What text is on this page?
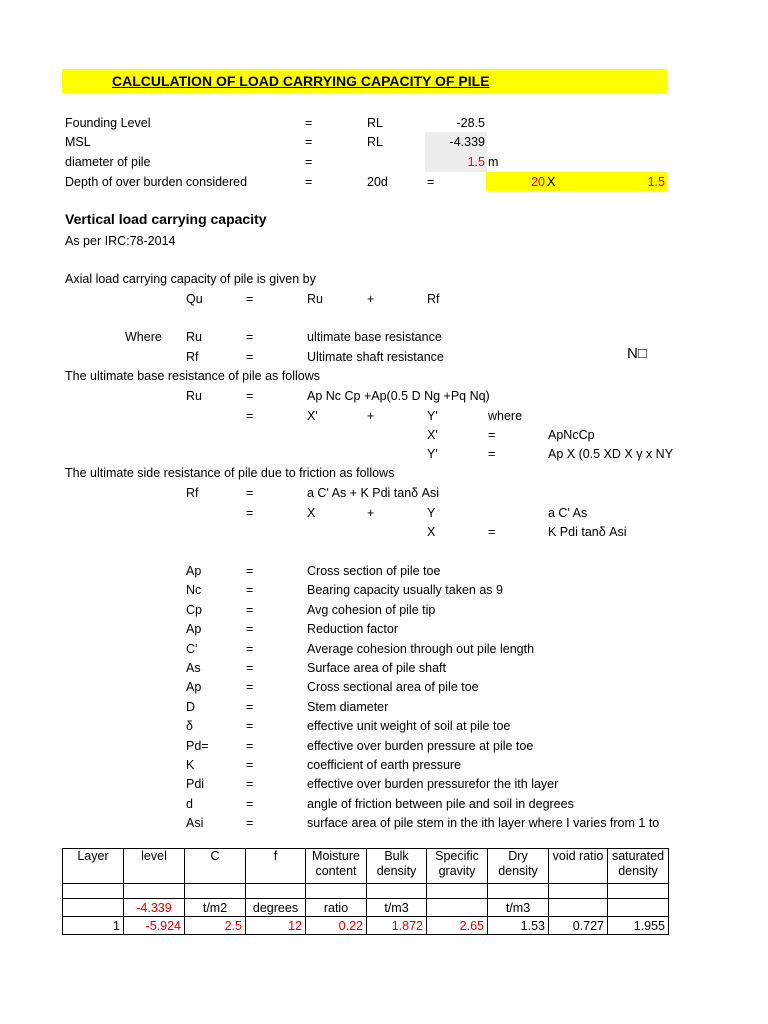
CALCULATION OF LOAD CARRYING CAPACITY OF PILE
Founding Level	=	RL	-28.5
MSL	=	RL	-4.339
diameter of pile	=	1.5 m
Depth of over burden considered	=	20d	=	20 X	1.5
Vertical load carrying capacity
As per IRC:78-2014
Axial load carrying capacity of pile is given by
Qu	=	Ru	+	Rf
Where Ru	=	ultimate base resistance
Rf	=	Ultimate shaft resistance	N□
The ultimate base resistance of pile as follows
Ru	=	Ap Nc Cp +Ap(0.5 D Ng +Pq Nq)
=	X'	+	Y'	where
X'	=	ApNcCp
Y'	=	Ap X (0.5 XD X γ x NY
The ultimate side resistance of pile due to friction as follows
Rf	=	a C' As + K Pdi tanδ Asi
=	X	+	Y	a C' As
X	=	K Pdi tanδ Asi
Ap	=	Cross section of pile toe
Nc	=	Bearing capacity usually taken as 9
Cp	=	Avg cohesion of pile tip
Ap	=	Reduction factor
C'	=	Average cohesion through out pile length
As	=	Surface area of pile shaft
Ap	=	Cross sectional area of pile toe
D	=	Stem diameter
δ	=	effective unit weight of soil at pile toe
Pd=	=	effective over burden pressure at pile toe
K	=	coefficient of earth pressure
Pdi	=	effective over burden pressurefor the ith layer
d	=	angle of friction between pile and soil in degrees
Asi	=	surface area of pile stem in the ith layer where I varies from 1 to
Layer	level	C	f	Moisture content	Bulk density	Specific gravity	Dry density	void ratio	saturated density

	-4.339	t/m2	degrees	ratio	t/m3		t/m3		
1	-5.924	2.5	12	0.22	1.872	2.65	1.53	0.727	1.955
